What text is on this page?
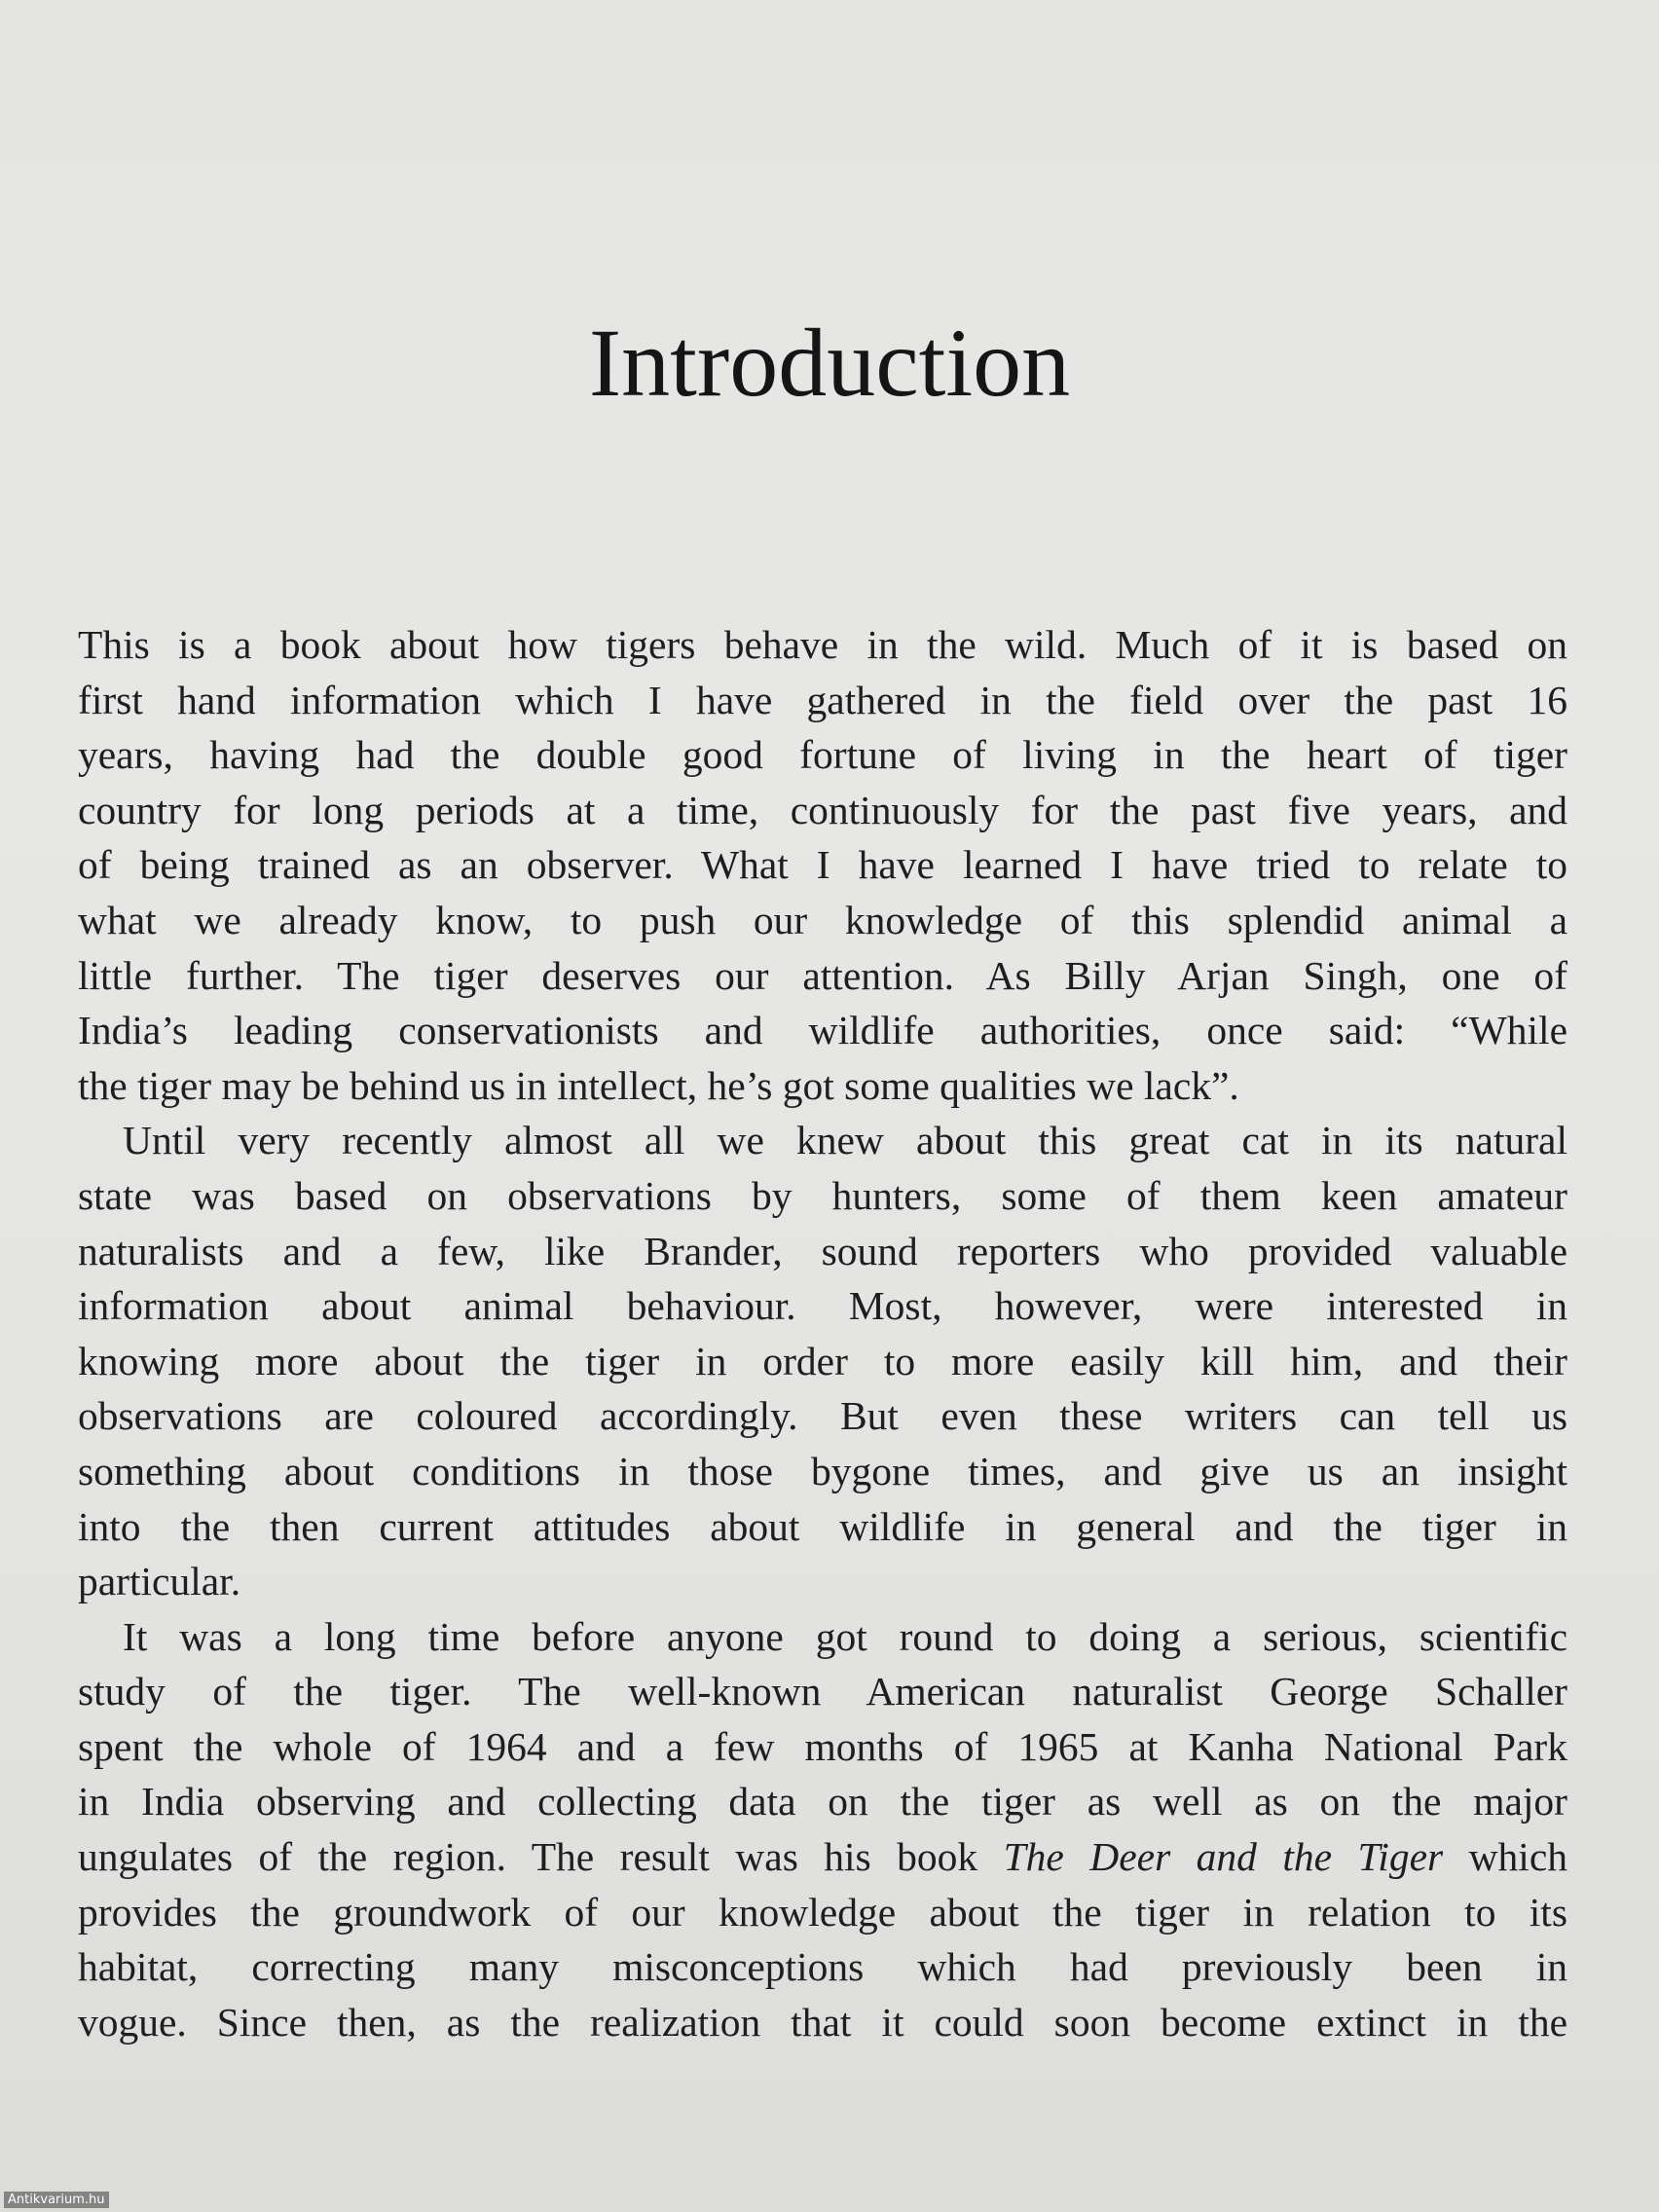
Introduction
This is a book about how tigers behave in the wild. Much of it is based on
first hand information which I have gathered in the field over the past 16
years, having had the double good fortune of living in the heart of tiger
country for long periods at a time, continuously for the past five years, and
of being trained as an observer. What I have learned I have tried to relate to
what we already know, to push our knowledge of this splendid animal a
little further. The tiger deserves our attention. As Billy Arjan Singh, one of
India’s leading conservationists and wildlife authorities, once said: “While
the tiger may be behind us in intellect, he’s got some qualities we lack”.
Until very recently almost all we knew about this great cat in its natural
state was based on observations by hunters, some of them keen amateur
naturalists and a few, like Brander, sound reporters who provided valuable
information about animal behaviour. Most, however, were interested in
knowing more about the tiger in order to more easily kill him, and their
observations are coloured accordingly. But even these writers can tell us
something about conditions in those bygone times, and give us an insight
into the then current attitudes about wildlife in general and the tiger in
particular.
It was a long time before anyone got round to doing a serious, scientific
study of the tiger. The well-known American naturalist George Schaller
spent the whole of 1964 and a few months of 1965 at Kanha National Park
in India observing and collecting data on the tiger as well as on the major
ungulates of the region. The result was his book The Deer and the Tiger which
provides the groundwork of our knowledge about the tiger in relation to its
habitat, correcting many misconceptions which had previously been in
vogue. Since then, as the realization that it could soon become extinct in the
Antikvarium.hu
